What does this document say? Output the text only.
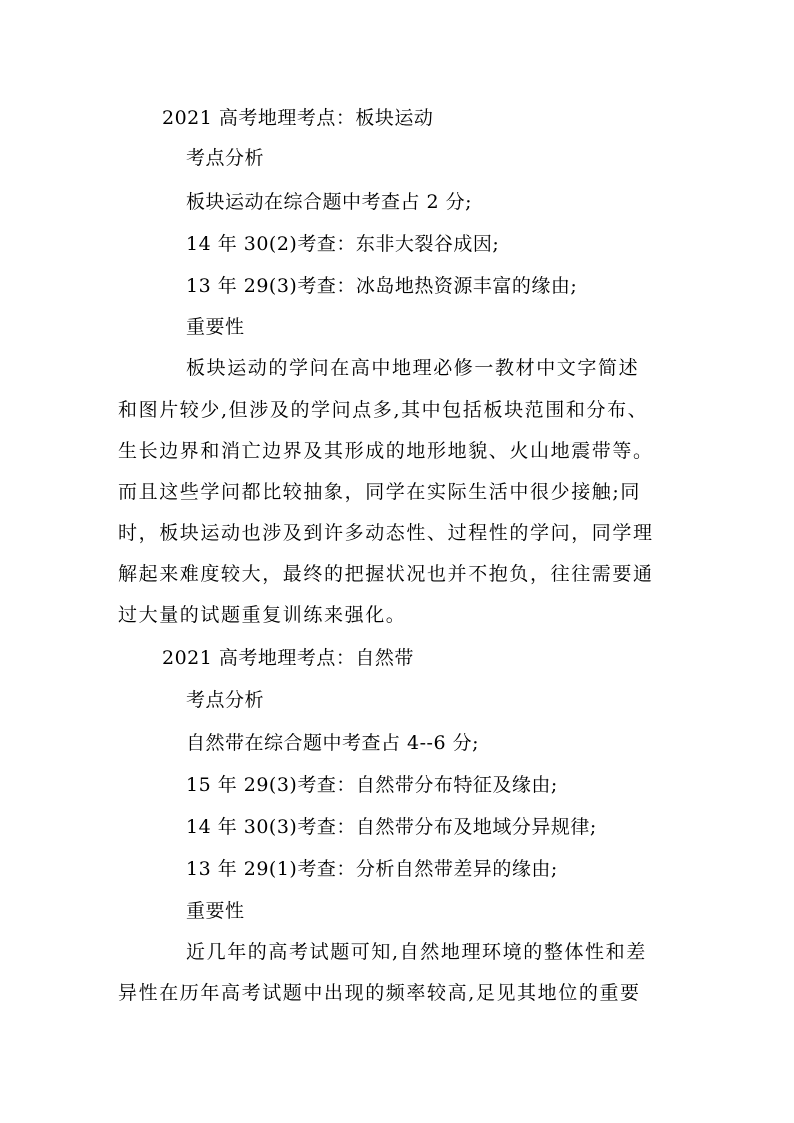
2021 高考地理考点：板块运动
考点分析
板块运动在综合题中考查占 2 分;
14 年 30(2)考查：东非大裂谷成因;
13 年 29(3)考查：冰岛地热资源丰富的缘由;
重要性
板块运动的学问在高中地理必修一教材中文字简述
和图片较少,但涉及的学问点多,其中包括板块范围和分布、
生长边界和消亡边界及其形成的地形地貌、火山地震带等。
而且这些学问都比较抽象，同学在实际生活中很少接触;同
时，板块运动也涉及到许多动态性、过程性的学问，同学理
解起来难度较大，最终的把握状况也并不抱负，往往需要通
过大量的试题重复训练来强化。
2021 高考地理考点：自然带
考点分析
自然带在综合题中考查占 4--6 分;
15 年 29(3)考查：自然带分布特征及缘由;
14 年 30(3)考查：自然带分布及地域分异规律;
13 年 29(1)考查：分析自然带差异的缘由;
重要性
近几年的高考试题可知,自然地理环境的整体性和差
异性在历年高考试题中出现的频率较高,足见其地位的重要
